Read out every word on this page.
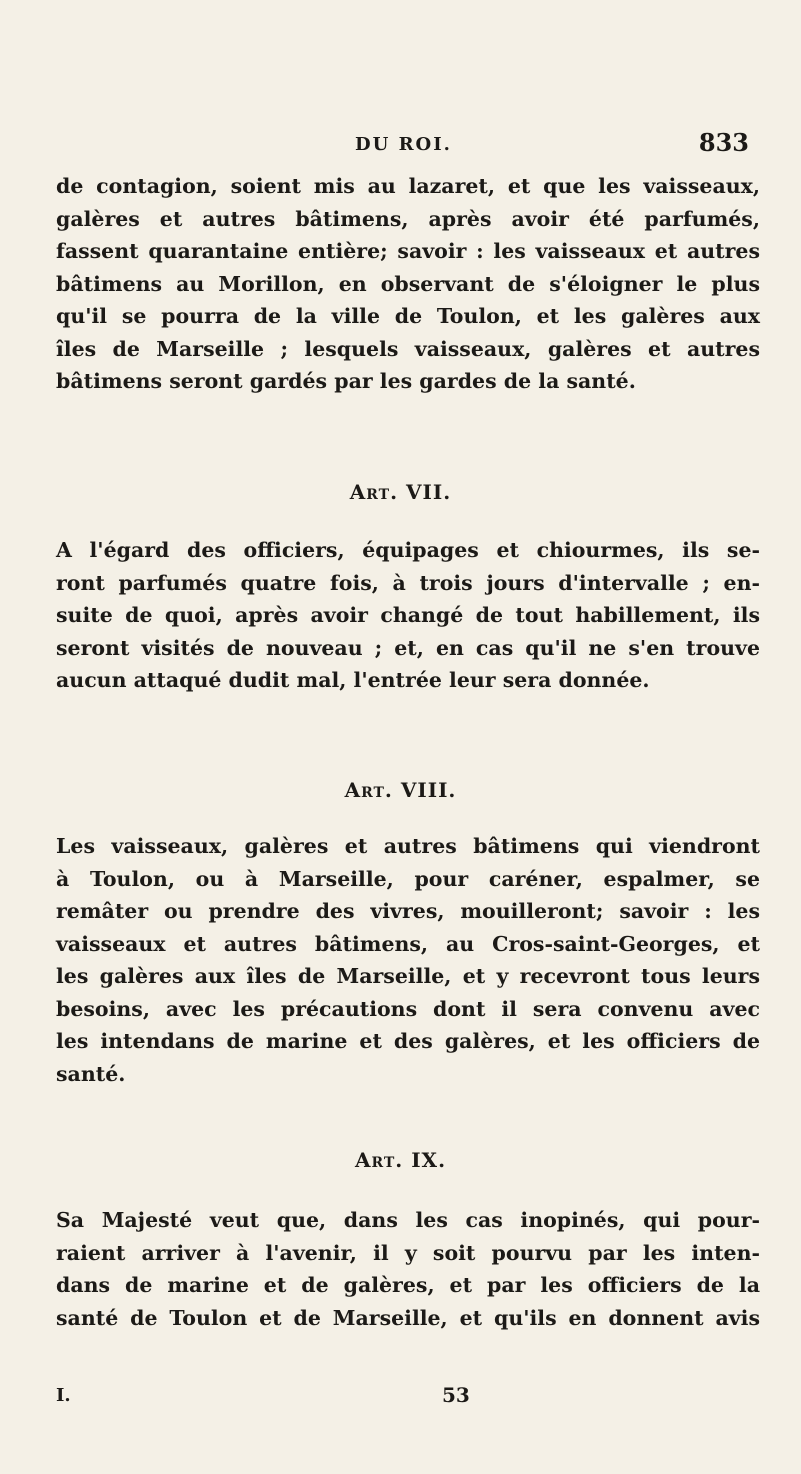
DU ROI.	833
de contagion, soient mis au lazaret, et que les vaisseaux,
galères et autres bâtimens, après avoir été parfumés,
fassent quarantaine entière; savoir : les vaisseaux et autres
bâtimens au Morillon, en observant de s'éloigner le plus
qu'il se pourra de la ville de Toulon, et les galères aux
îles de Marseille ; lesquels vaisseaux, galères et autres
bâtimens seront gardés par les gardes de la santé.
Art. VII.
A l'égard des officiers, équipages et chiourmes, ils se-
ront parfumés quatre fois, à trois jours d'intervalle ; en-
suite de quoi, après avoir changé de tout habillement, ils
seront visités de nouveau ; et, en cas qu'il ne s'en trouve
aucun attaqué dudit mal, l'entrée leur sera donnée.
Art. VIII.
Les vaisseaux, galères et autres bâtimens qui viendront
à Toulon, ou à Marseille, pour caréner, espalmer, se
remâter ou prendre des vivres, mouilleront; savoir : les
vaisseaux et autres bâtimens, au Cros-saint-Georges, et
les galères aux îles de Marseille, et y recevront tous leurs
besoins, avec les précautions dont il sera convenu avec
les intendans de marine et des galères, et les officiers de
santé.
Art. IX.
Sa Majesté veut que, dans les cas inopinés, qui pour-
raient arriver à l'avenir, il y soit pourvu par les inten-
dans de marine et de galères, et par les officiers de la
santé de Toulon et de Marseille, et qu'ils en donnent avis
I.	53
